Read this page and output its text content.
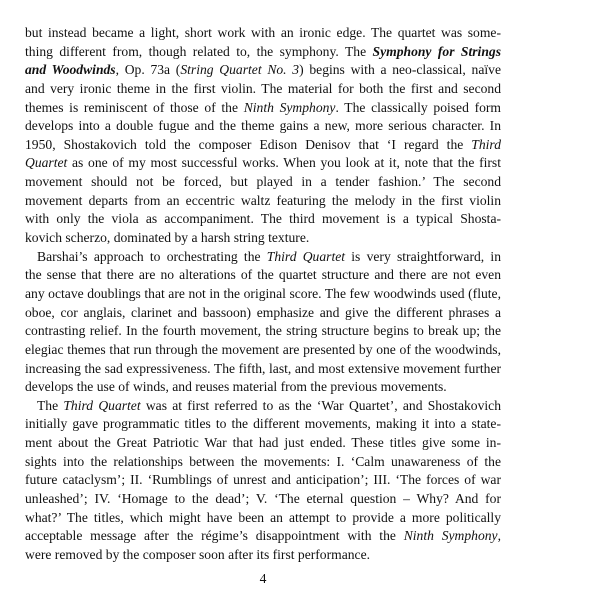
but instead became a light, short work with an ironic edge. The quartet was some-
thing different from, though related to, the symphony. The Symphony for Strings
and Woodwinds, Op. 73a (String Quartet No. 3) begins with a neo-classical, naïve
and very ironic theme in the first violin. The material for both the first and second
themes is reminiscent of those of the Ninth Symphony. The classically poised form
develops into a double fugue and the theme gains a new, more serious character. In
1950, Shostakovich told the composer Edison Denisov that ‘I regard the Third
Quartet as one of my most successful works. When you look at it, note that the first
movement should not be forced, but played in a tender fashion.’ The second
movement departs from an eccentric waltz featuring the melody in the first violin
with only the viola as accompaniment. The third movement is a typical Shosta-
kovich scherzo, dominated by a harsh string texture.
Barshai’s approach to orchestrating the Third Quartet is very straightforward, in
the sense that there are no alterations of the quartet structure and there are not even
any octave doublings that are not in the original score. The few woodwinds used (flute,
oboe, cor anglais, clarinet and bassoon) emphasize and give the different phrases a
contrasting relief. In the fourth movement, the string structure begins to break up; the
elegiac themes that run through the movement are presented by one of the woodwinds,
increasing the sad expressiveness. The fifth, last, and most extensive movement further
develops the use of winds, and reuses material from the previous movements.
The Third Quartet was at first referred to as the ‘War Quartet’, and Shostakovich
initially gave programmatic titles to the different movements, making it into a state-
ment about the Great Patriotic War that had just ended. These titles give some in-
sights into the relationships between the movements: I. ‘Calm unawareness of the
future cataclysm’; II. ‘Rumblings of unrest and anticipation’; III. ‘The forces of war
unleashed’; IV. ‘Homage to the dead’; V. ‘The eternal question – Why? And for
what?’ The titles, which might have been an attempt to provide a more politically
acceptable message after the régime’s disappointment with the Ninth Symphony,
were removed by the composer soon after its first performance.
4
